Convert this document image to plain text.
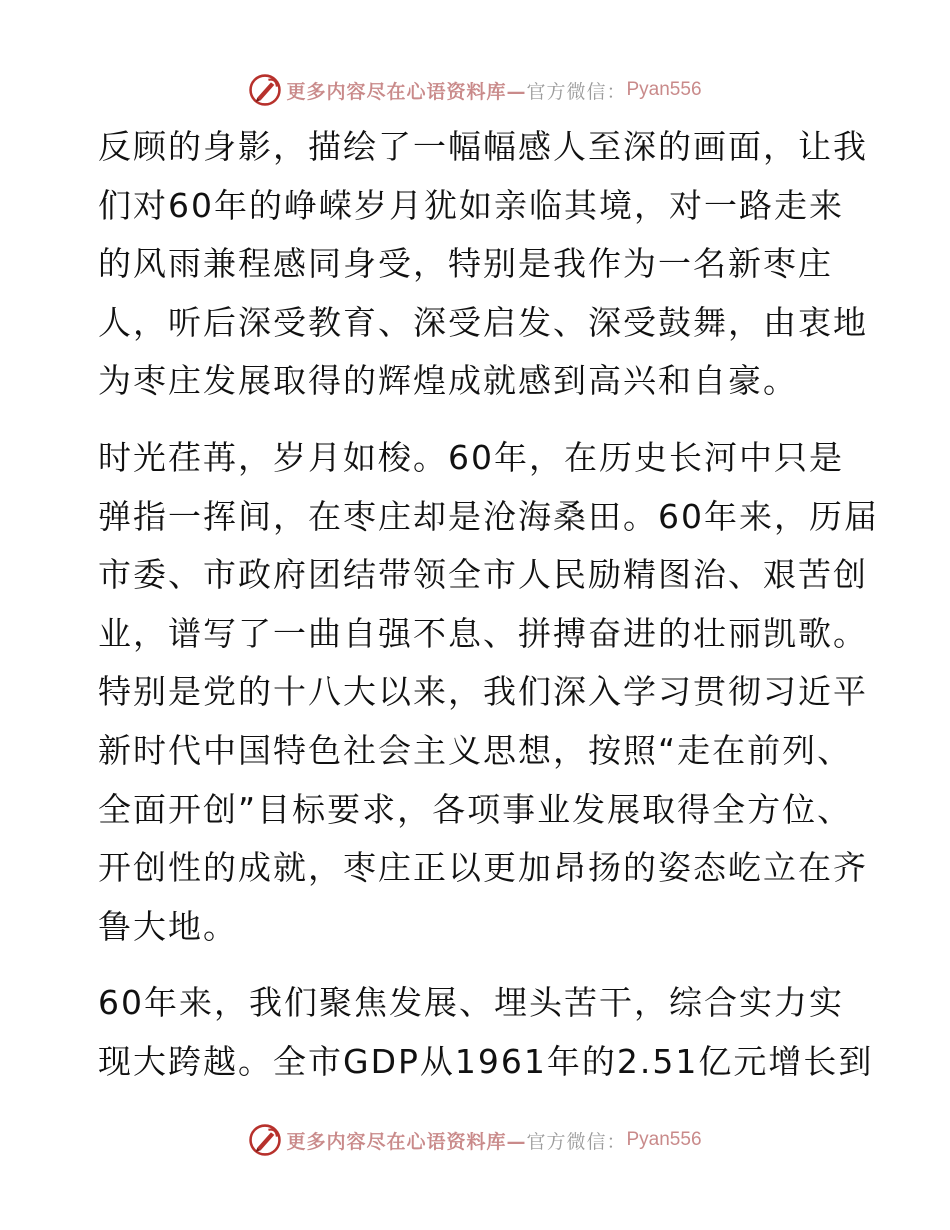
更多内容尽在心语资料库— 官方微信： Pyan556
反顾的身影，描绘了一幅幅感人至深的画面，让我
们对60年的峥嵘岁月犹如亲临其境，对一路走来
的风雨兼程感同身受，特别是我作为一名新枣庄
人，听后深受教育、深受启发、深受鼓舞，由衷地
为枣庄发展取得的辉煌成就感到高兴和自豪。
时光荏苒，岁月如梭。60年，在历史长河中只是
弹指一挥间，在枣庄却是沧海桑田。60年来，历届
市委、市政府团结带领全市人民励精图治、艰苦创
业，谱写了一曲自强不息、拼搏奋进的壮丽凯歌。
特别是党的十八大以来，我们深入学习贯彻习近平
新时代中国特色社会主义思想，按照“走在前列、
全面开创”目标要求，各项事业发展取得全方位、
开创性的成就，枣庄正以更加昂扬的姿态屹立在齐
鲁大地。
60年来，我们聚焦发展、埋头苦干，综合实力实
现大跨越。全市GDP从1961年的2.51亿元增长到
更多内容尽在心语资料库— 官方微信： Pyan556
